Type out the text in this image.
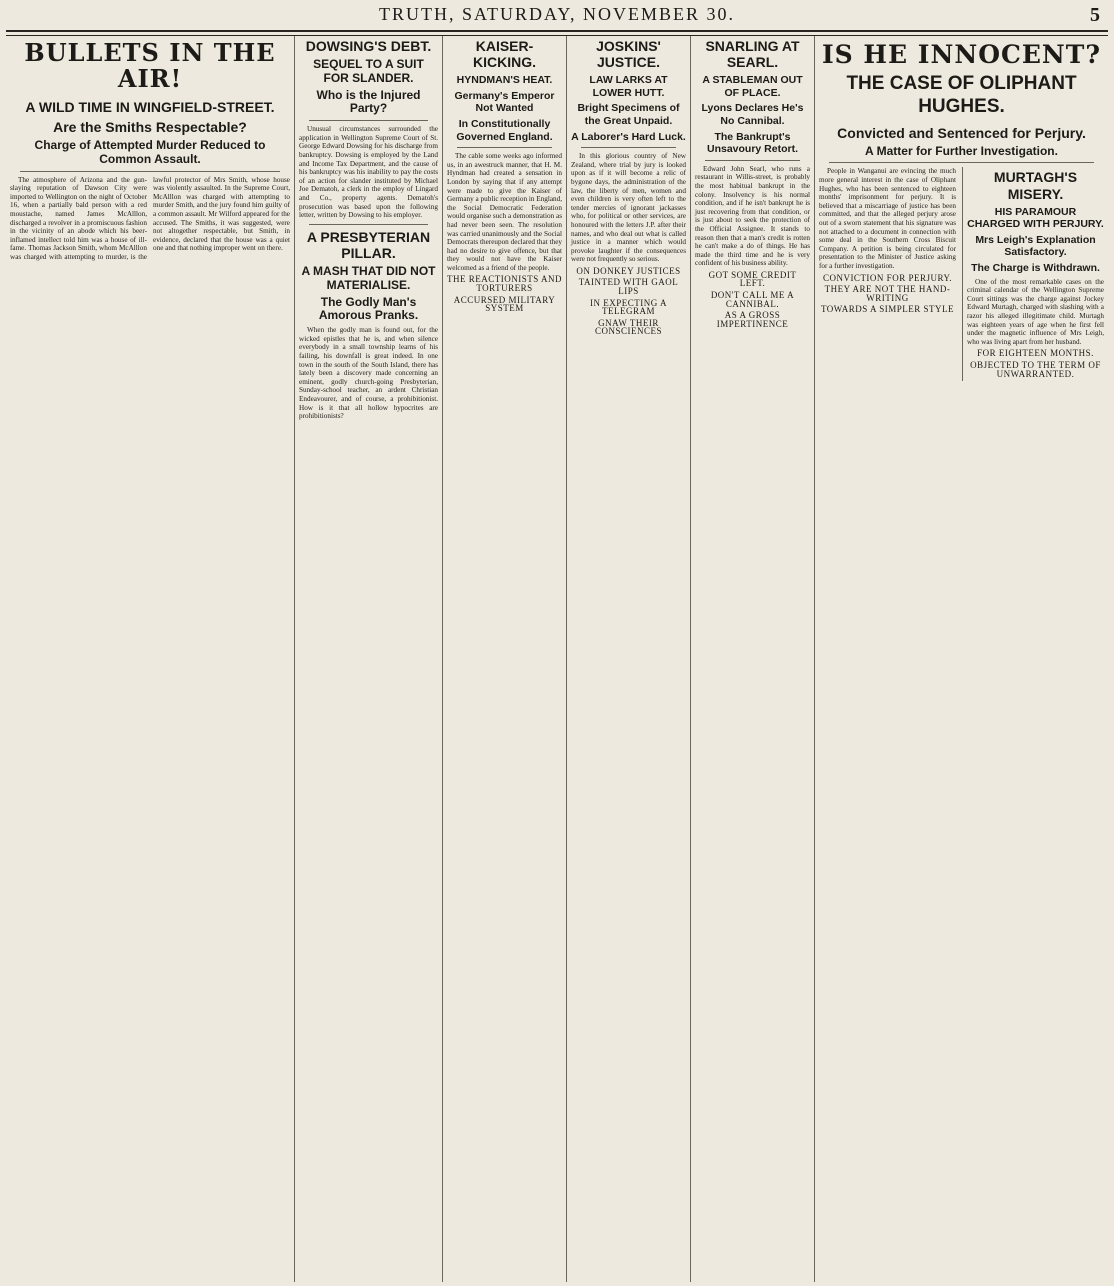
TRUTH, SATURDAY, NOVEMBER 30.	5
BULLETS IN THE AIR!
A WILD TIME IN WINGFIELD-STREET.
Are the Smiths Respectable?
Charge of Attempted Murder Reduced to Common Assault.

The atmosphere of Arizona and the gun-slaying reputation of Dawson City were imported to Wellington on the night of October 16, when a partially bald person with a red moustache, named James McAlllon, discharged a revolver in a promiscuous fashion in the vicinity of an abode which his beer-inflamed intellect told him was a house of ill-fame. Thomas Jackson Smith, whom McAlllon was charged with attempting to murder, is the lawful protector of Mrs Smith, whose house was violently assaulted. In the Supreme Court, McAlllon was charged with attempting to murder Smith, and the jury found him guilty of a common assault. Mr Wilford appeared for the accused. The Smiths, it was suggested, were not altogether respectable, but Smith, in evidence, declared that the house was a quiet one and that nothing improper went on there.

DOWSING'S DEBT.
SEQUEL TO A SUIT FOR SLANDER.
Who is the Injured Party?

Unusual circumstances surrounded the application in Wellington Supreme Court of St. George Edward Dowsing for his discharge from bankruptcy. Dowsing is employed by the Land and Income Tax Department, and the cause of his bankruptcy was his inability to pay the costs of an action for slander instituted by Michael Joe Dematoh, a clerk in the employ of Lingard and Co., property agents. Dematoh's prosecution was based upon the following letter, written by Dowsing to his employer.

A PRESBYTERIAN PILLAR.
A MASH THAT DID NOT MATERIALISE.
The Godly Man's Amorous Pranks.

When the godly man is found out, for the wicked epistles that he is, and when silence everybody in a small township learns of his failing, his downfall is great indeed. In one town in the south of the South Island, there has lately been a discovery made concerning an eminent, godly church-going Presbyterian, Sunday-school teacher, an ardent Christian Endeavourer, and of course, a prohibitionist. How is it that all hollow hypocrites are prohibitionists?

KAISER-KICKING.
HYNDMAN'S HEAT.
Germany's Emperor Not Wanted
In Constitutionally Governed England.

The cable some weeks ago informed us, in an awestruck manner, that H. M. Hyndman had created a sensation in London by saying that if any attempt were made to give the Kaiser of Germany a public reception in England, the Social Democratic Federation would organise such a demonstration as had never been seen. The resolution was carried unanimously and the Social Democrats thereupon declared that they had no desire to give offence, but that they would not have the Kaiser welcomed as a friend of the people.

THE REACTIONISTS AND TORTURERS
ACCURSED MILITARY SYSTEM
JOSKINS' JUSTICE.
LAW LARKS AT LOWER HUTT.
Bright Specimens of the Great Unpaid.
A Laborer's Hard Luck.

In this glorious country of New Zealand, where trial by jury is looked upon as if it will become a relic of bygone days, the administration of the law, the liberty of men, women and even children is very often left to the tender mercies of ignorant jackasses who, for political or other services, are honoured with the letters J.P. after their names, and who deal out what is called justice in a manner which would provoke laughter if the consequences were not frequently so serious.

ON DONKEY JUSTICES
TAINTED WITH GAOL LIPS
IN EXPECTING A TELEGRAM
GNAW THEIR CONSCIENCES
SNARLING AT SEARL.
A STABLEMAN OUT OF PLACE.
Lyons Declares He's No Cannibal.
The Bankrupt's Unsavoury Retort.

Edward John Searl, who runs a restaurant in Willis-street, is probably the most habitual bankrupt in the colony. Insolvency is his normal condition, and if he isn't bankrupt he is just recovering from that condition, or is just about to seek the protection of the Official Assignee. It stands to reason then that a man's credit is rotten he can't make a do of things. He has made the third time and he is very confident of his business ability.

GOT SOME CREDIT LEFT.
DON'T CALL ME A CANNIBAL.
AS A GROSS IMPERTINENCE
IS HE INNOCENT?
THE CASE OF OLIPHANT HUGHES.
Convicted and Sentenced for Perjury.
A Matter for Further Investigation.

People in Wanganui are evincing the much more general interest in the case of Oliphant Hughes, who has been sentenced to eighteen months' imprisonment for perjury. It is believed that a miscarriage of justice has been committed, and that the alleged perjury arose out of a sworn statement that his signature was not attached to a document in connection with some deal in the Southern Cross Biscuit Company. A petition is being circulated for presentation to the Minister of Justice asking for a further investigation.

CONVICTION FOR PERJURY.
THEY ARE NOT THE HAND-WRITING
TOWARDS A SIMPLER STYLE
MURTAGH'S MISERY.
HIS PARAMOUR CHARGED WITH PERJURY.
Mrs Leigh's Explanation Satisfactory.
The Charge is Withdrawn.

One of the most remarkable cases on the criminal calendar of the Wellington Supreme Court sittings was the charge against Jockey Edward Murtagh, charged with slashing with a razor his alleged illegitimate child. Murtagh was eighteen years of age when he first fell under the magnetic influence of Mrs Leigh, who was living apart from her husband.

FOR EIGHTEEN MONTHS.
OBJECTED TO THE TERM OF UNWARRANTED.
